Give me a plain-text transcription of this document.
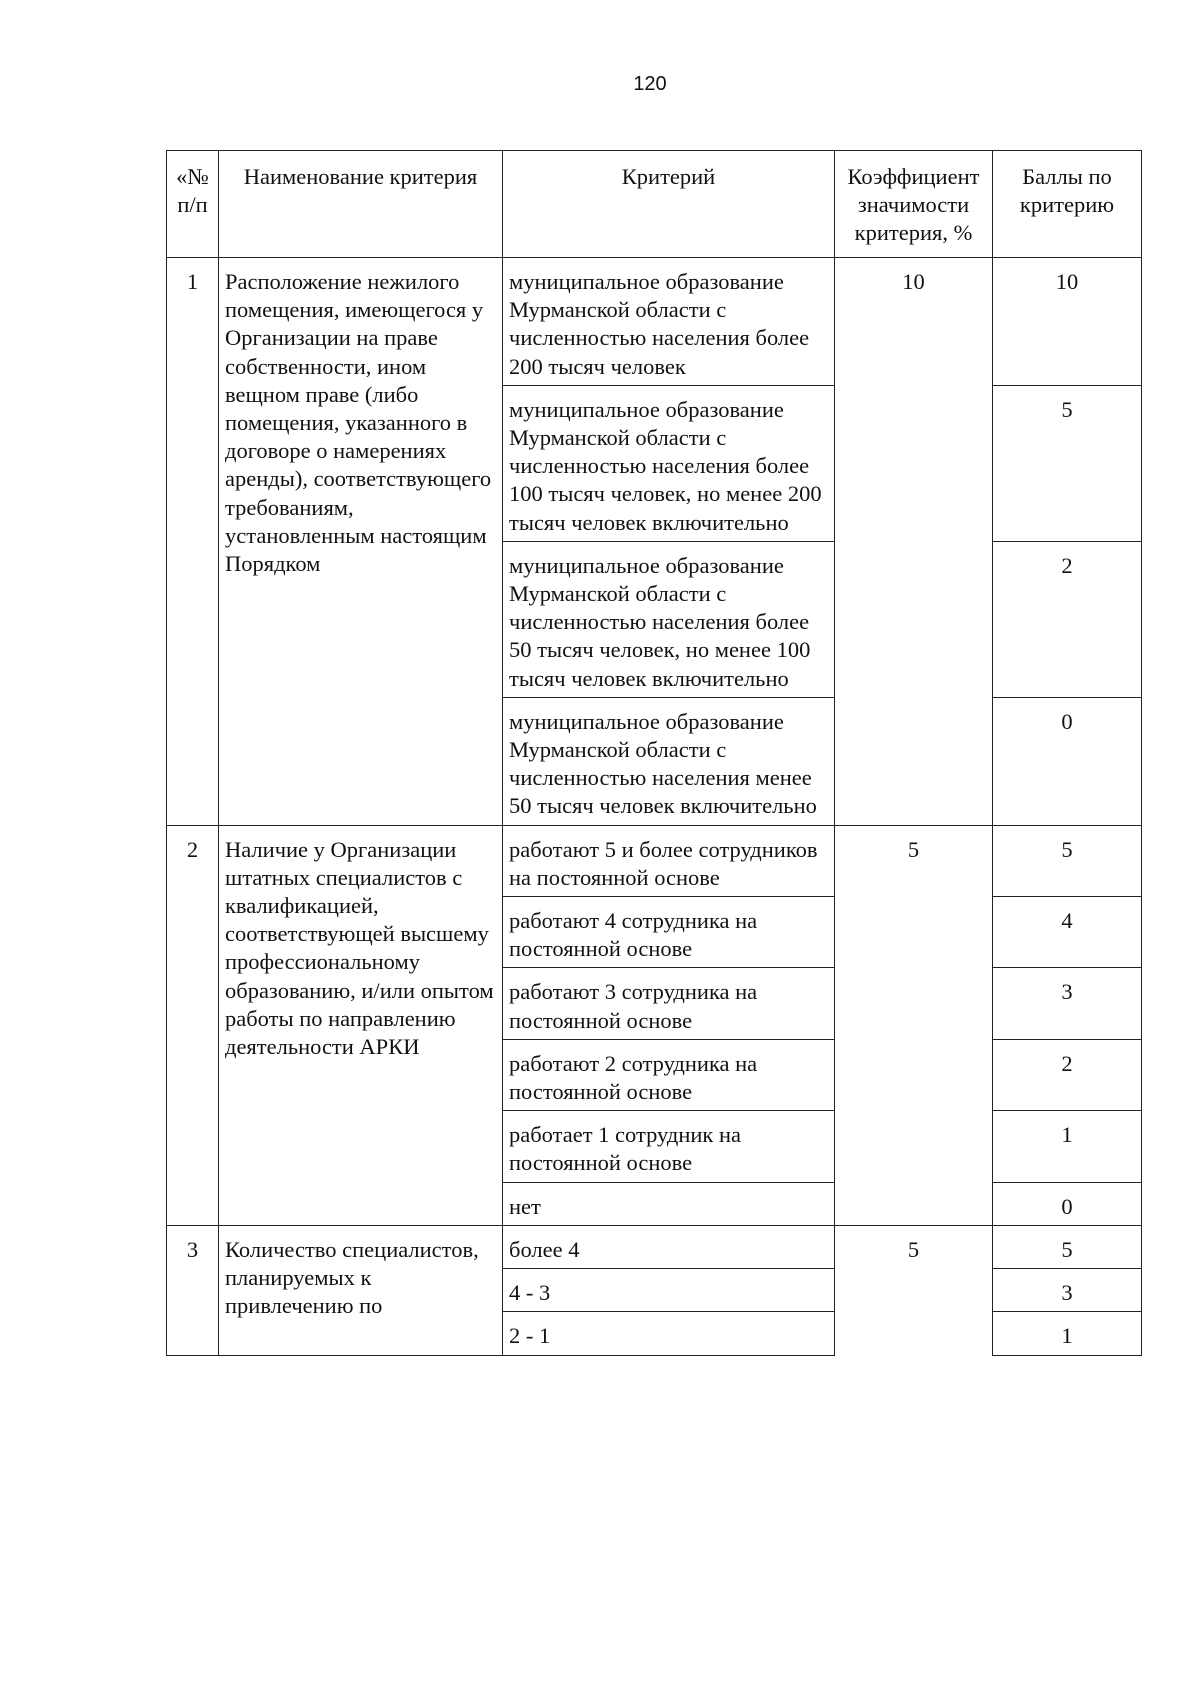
120
«№ п/п	Наименование критерия	Критерий	Коэффициент значимости критерия, %	Баллы по критерию
1	Расположение нежилого помещения, имеющегося у Организации на праве собственности, ином вещном праве (либо помещения, указанного в договоре о намерениях аренды), соответствующего требованиям, установленным настоящим Порядком	муниципальное образование Мурманской области с численностью населения более 200 тысяч человек	10	10
		муниципальное образование Мурманской области с численностью населения более 100 тысяч человек, но менее 200 тысяч человек включительно		5
		муниципальное образование Мурманской области с численностью населения более 50 тысяч человек, но менее 100 тысяч человек включительно		2
		муниципальное образование Мурманской области с численностью населения менее 50 тысяч человек включительно		0
2	Наличие у Организации штатных специалистов с квалификацией, соответствующей высшему профессиональному образованию, и/или опытом работы по направлению деятельности АРКИ	работают 5 и более сотрудников на постоянной основе	5	5
		работают 4 сотрудника на постоянной основе		4
		работают 3 сотрудника на постоянной основе		3
		работают 2 сотрудника на постоянной основе		2
		работает 1 сотрудник на постоянной основе		1
		нет		0
3	Количество специалистов, планируемых к привлечению по	более 4	5	5
		4 - 3		3
		2 - 1		1
